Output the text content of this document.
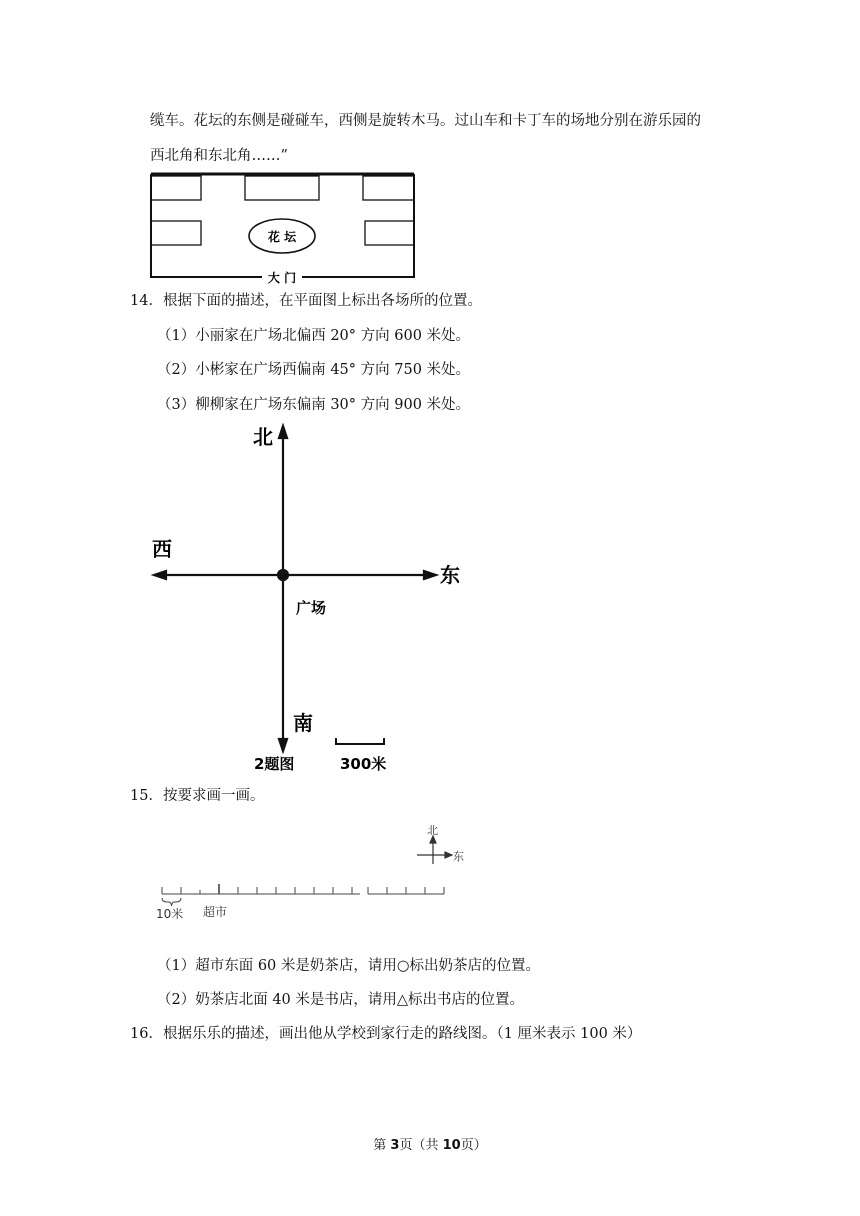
缆车。花坛的东侧是碰碰车，西侧是旋转木马。过山车和卡丁车的场地分别在游乐园的
西北角和东北角……”
花 坛
大 门
14．根据下面的描述，在平面图上标出各场所的位置。
（1）小丽家在广场北偏西 20° 方向 600 米处。
（2）小彬家在广场西偏南 45° 方向 750 米处。
（3）柳柳家在广场东偏南 30° 方向 900 米处。
北
西
东
广场
南
2题图	300米
15．按要求画一画。
北
东
10米 超市
（1）超市东面 60 米是奶茶店，请用○标出奶茶店的位置。
（2）奶茶店北面 40 米是书店，请用△标出书店的位置。
16．根据乐乐的描述，画出他从学校到家行走的路线图。（1 厘米表示 100 米）
第 3页（共 10页）
